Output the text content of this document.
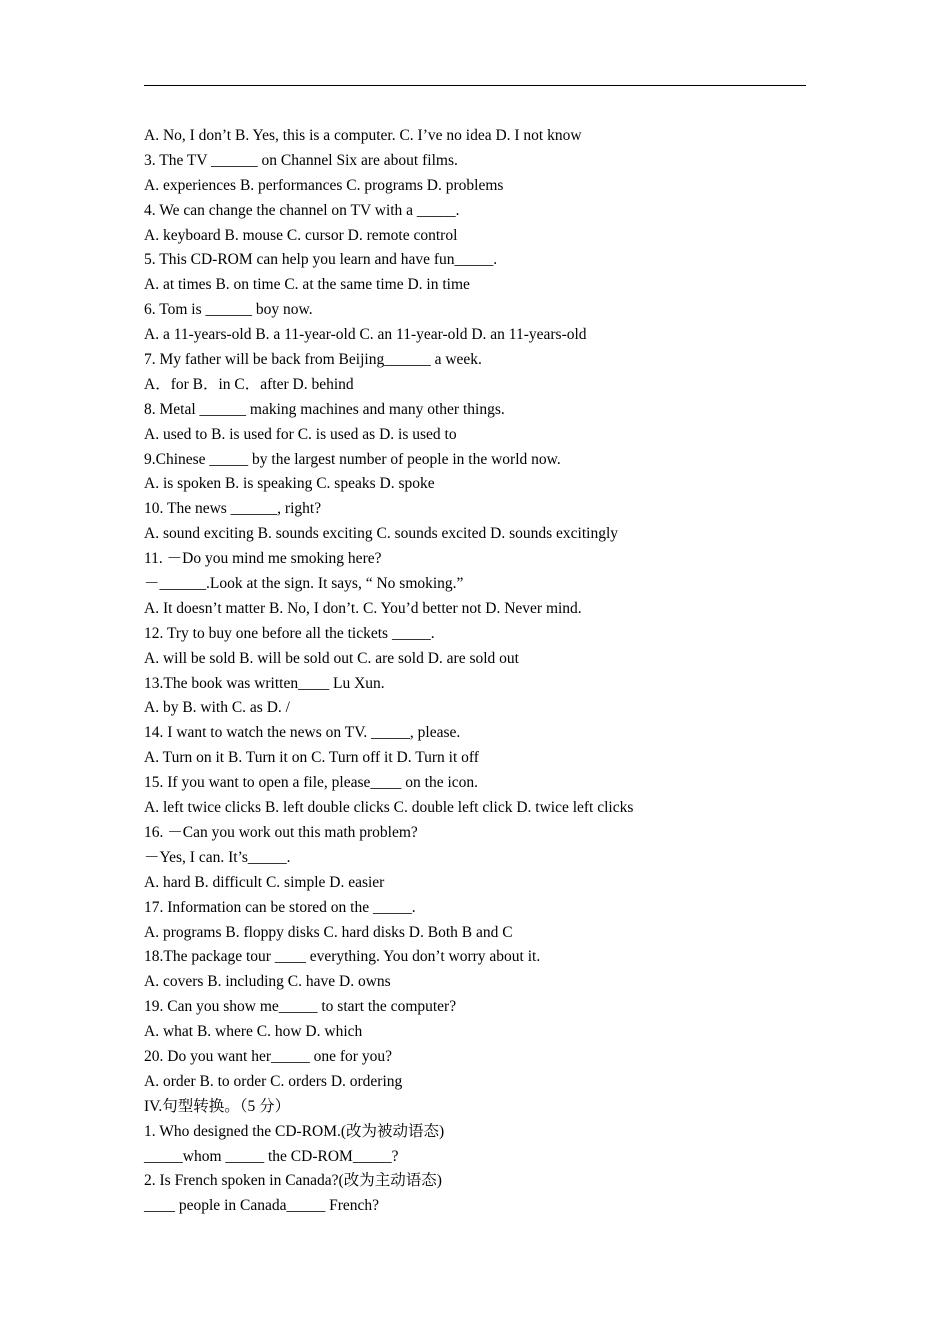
A. No, I don’t B. Yes, this is a computer. C. I’ve no idea D. I not know
3. The TV ______ on Channel Six are about films.
A. experiences B. performances C. programs D. problems
4. We can change the channel on TV with a _____.
A. keyboard B. mouse C. cursor D. remote control
5. This CD-ROM can help you learn and have fun_____.
A. at times B. on time C. at the same time D. in time
6. Tom is ______ boy now.
A. a 11-years-old B. a 11-year-old C. an 11-year-old D. an 11-years-old
7. My father will be back from Beijing______ a week.
A．for B．in C．after D. behind
8. Metal ______ making machines and many other things.
A. used to B. is used for C. is used as D. is used to
9.Chinese _____ by the largest number of people in the world now.
A. is spoken B. is speaking C. speaks D. spoke
10. The news ______, right?
A. sound exciting B. sounds exciting C. sounds excited D. sounds excitingly
11. －Do you mind me smoking here?
－______.Look at the sign. It says, “ No smoking.”
A. It doesn’t matter B. No, I don’t. C. You’d better not D. Never mind.
12. Try to buy one before all the tickets _____.
A. will be sold B. will be sold out C. are sold D. are sold out
13.The book was written____ Lu Xun.
A. by B. with C. as D. /
14. I want to watch the news on TV. _____, please.
A. Turn on it B. Turn it on C. Turn off it D. Turn it off
15. If you want to open a file, please____ on the icon.
A. left twice clicks B. left double clicks C. double left click D. twice left clicks
16. －Can you work out this math problem?
－Yes, I can. It’s_____.
A. hard B. difficult C. simple D. easier
17. Information can be stored on the _____.
A. programs B. floppy disks C. hard disks D. Both B and C
18.The package tour ____ everything. You don’t worry about it.
A. covers B. including C. have D. owns
19. Can you show me_____ to start the computer?
A. what B. where C. how D. which
20. Do you want her_____ one for you?
A. order B. to order C. orders D. ordering
IV.句型转换。（5 分）
1. Who designed the CD-ROM.(改为被动语态)
_____whom _____ the CD-ROM_____?
2. Is French spoken in Canada?(改为主动语态)
____ people in Canada_____ French?
